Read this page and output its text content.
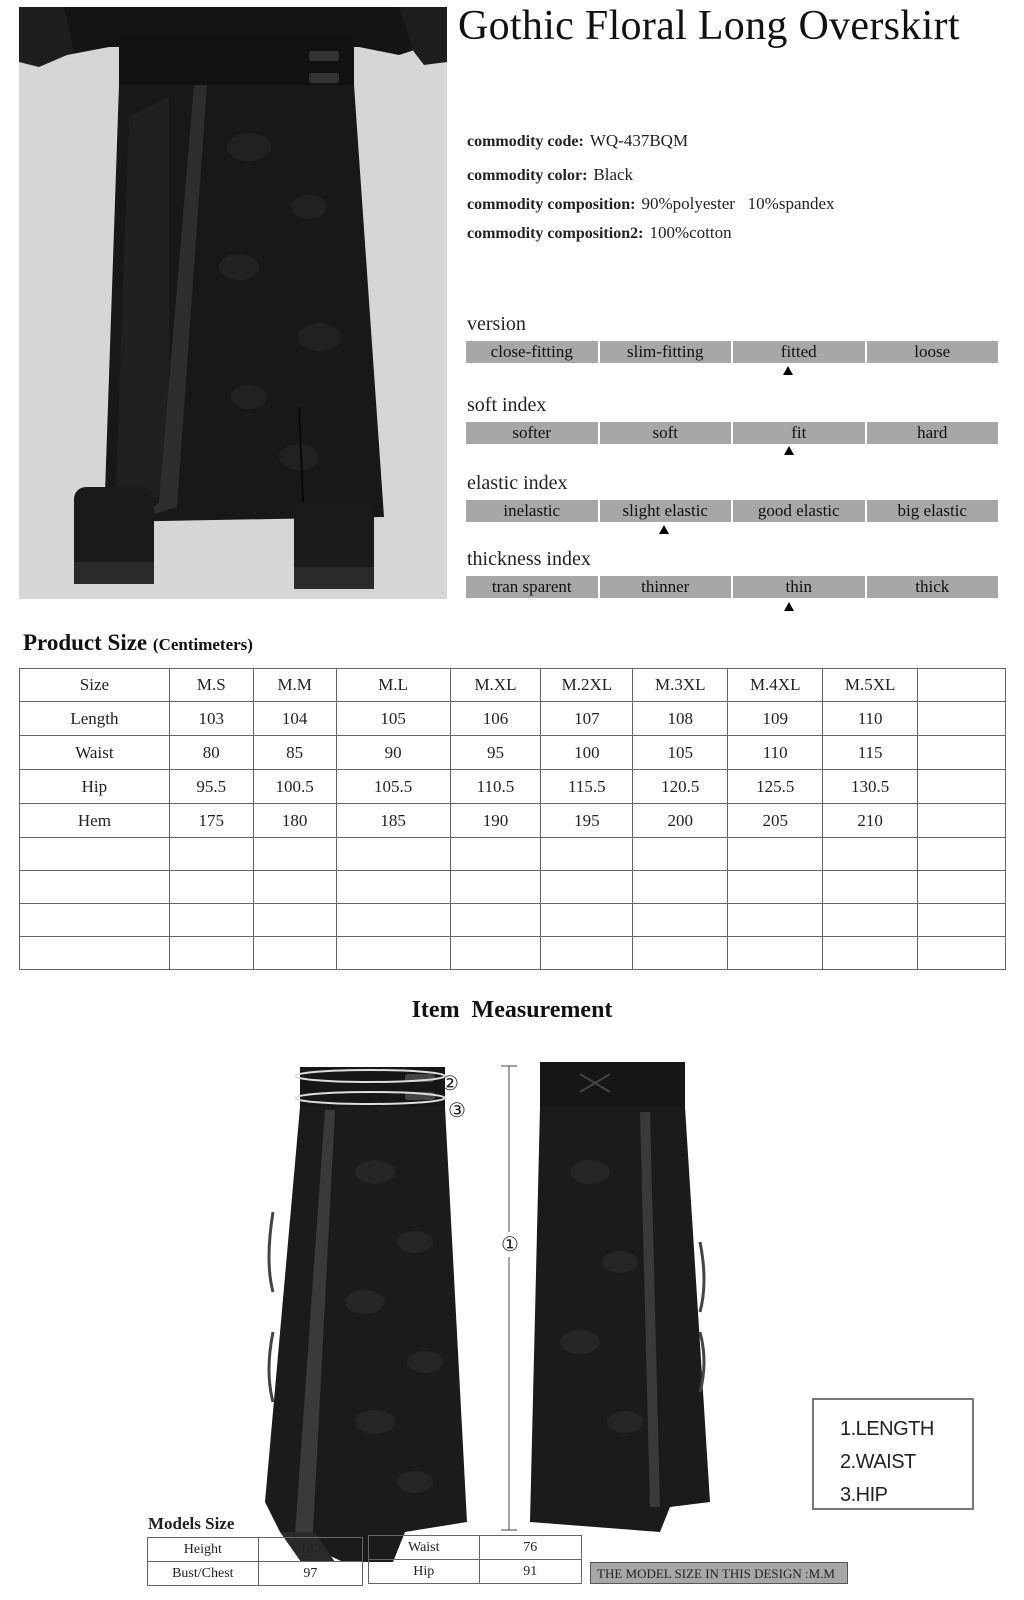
Gothic Floral Long Overskirt
commodity code: WQ-437BQM
commodity color: Black
commodity composition: 90%polyester   10%spandex
commodity composition2: 100%cotton
version
close-fitting	slim-fitting	fitted	loose
soft index
softer	soft	fit	hard
elastic index
inelastic	slight elastic	good elastic	big elastic
thickness index
tran sparent	thinner	thin	thick
Product Size (Centimeters)
Size	M.S	M.M	M.L	M.XL	M.2XL	M.3XL	M.4XL	M.5XL	
Length	103	104	105	106	107	108	109	110	
Waist	80	85	90	95	100	105	110	115	
Hip	95.5	100.5	105.5	110.5	115.5	120.5	125.5	130.5	
Hem	175	180	185	190	195	200	205	210	

Item  Measurement
②
③
①
1.LENGTH
2.WAIST
3.HIP
Models Size
Height	187
Bust/Chest	97
Waist	76
Hip	91	THE MODEL SIZE IN THIS DESIGN :M.M
